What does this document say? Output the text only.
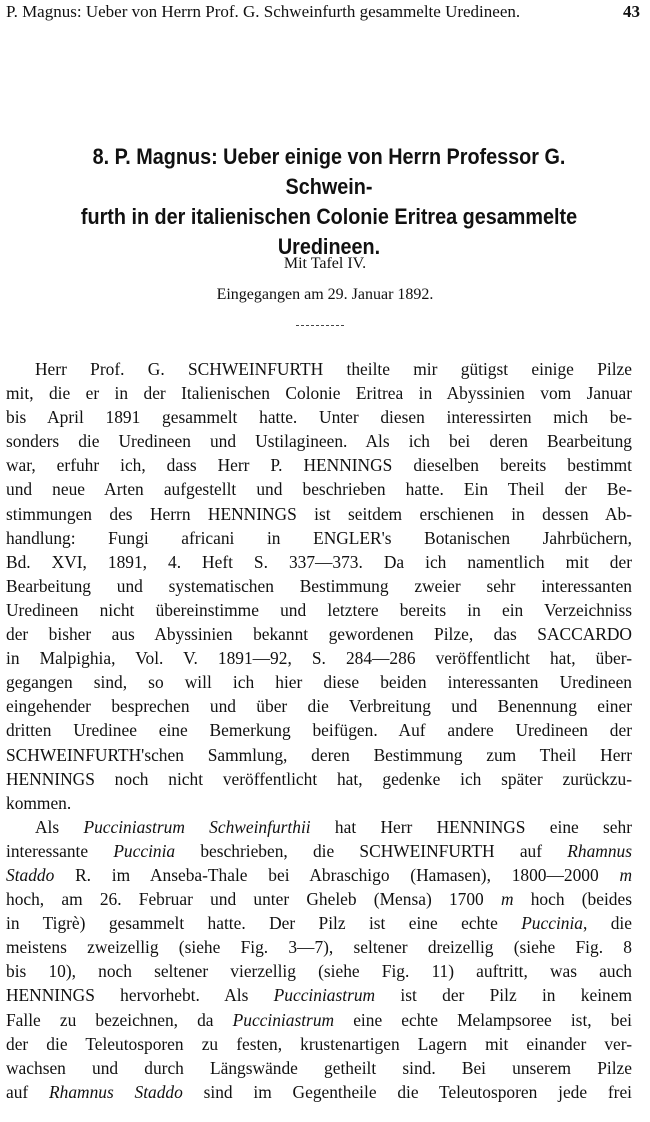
P. Magnus: Ueber von Herrn Prof. G. Schweinfurth gesammelte Uredineen.	43
8. P. Magnus: Ueber einige von Herrn Professor G. Schwein-
furth in der italienischen Colonie Eritrea gesammelte
Uredineen.
Mit Tafel IV.
Eingegangen am 29. Januar 1892.
Herr Prof. G. SCHWEINFURTH theilte mir gütigst einige Pilze
mit, die er in der Italienischen Colonie Eritrea in Abyssinien vom Januar
bis April 1891 gesammelt hatte. Unter diesen interessirten mich be-
sonders die Uredineen und Ustilagineen. Als ich bei deren Bearbeitung
war, erfuhr ich, dass Herr P. HENNINGS dieselben bereits bestimmt
und neue Arten aufgestellt und beschrieben hatte. Ein Theil der Be-
stimmungen des Herrn HENNINGS ist seitdem erschienen in dessen Ab-
handlung: Fungi africani in ENGLER's Botanischen Jahrbüchern,
Bd. XVI, 1891, 4. Heft S. 337—373. Da ich namentlich mit der
Bearbeitung und systematischen Bestimmung zweier sehr interessanten
Uredineen nicht übereinstimme und letztere bereits in ein Verzeichniss
der bisher aus Abyssinien bekannt gewordenen Pilze, das SACCARDO
in Malpighia, Vol. V. 1891—92, S. 284—286 veröffentlicht hat, über-
gegangen sind, so will ich hier diese beiden interessanten Uredineen
eingehender besprechen und über die Verbreitung und Benennung einer
dritten Uredinee eine Bemerkung beifügen. Auf andere Uredineen der
SCHWEINFURTH'schen Sammlung, deren Bestimmung zum Theil Herr
HENNINGS noch nicht veröffentlicht hat, gedenke ich später zurückzu-
kommen.
Als Pucciniastrum Schweinfurthii hat Herr HENNINGS eine sehr
interessante Puccinia beschrieben, die SCHWEINFURTH auf Rhamnus
Staddo R. im Anseba-Thale bei Abraschigo (Hamasen), 1800—2000 m
hoch, am 26. Februar und unter Gheleb (Mensa) 1700 m hoch (beides
in Tigrè) gesammelt hatte. Der Pilz ist eine echte Puccinia, die
meistens zweizellig (siehe Fig. 3—7), seltener dreizellig (siehe Fig. 8
bis 10), noch seltener vierzellig (siehe Fig. 11) auftritt, was auch
HENNINGS hervorhebt. Als Pucciniastrum ist der Pilz in keinem
Falle zu bezeichnen, da Pucciniastrum eine echte Melampsoree ist, bei
der die Teleutosporen zu festen, krustenartigen Lagern mit einander ver-
wachsen und durch Längswände getheilt sind. Bei unserem Pilze
auf Rhamnus Staddo sind im Gegentheile die Teleutosporen jede frei
